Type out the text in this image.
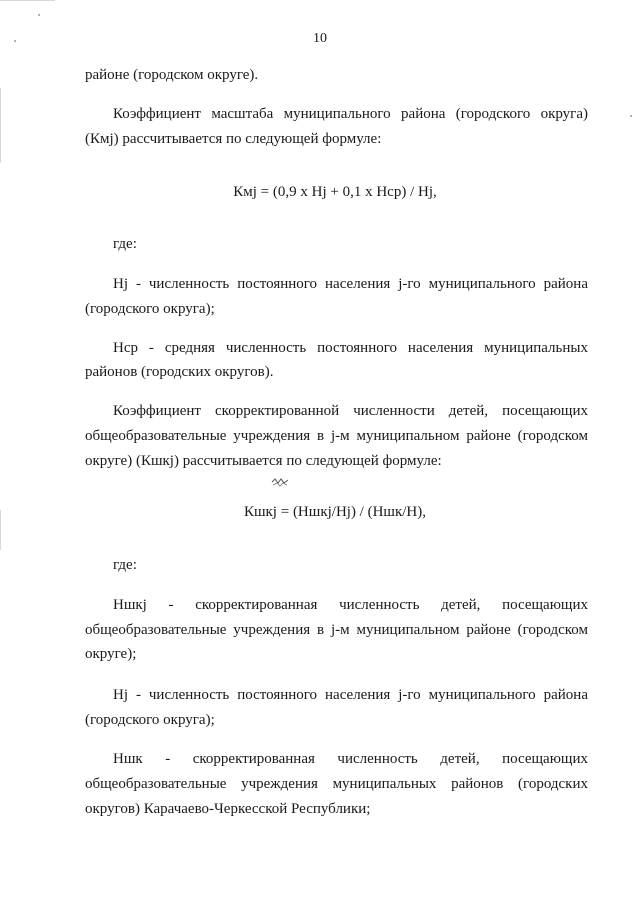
10
районе (городском округе).
Коэффициент масштаба муниципального района (городского округа)
(Кмj) рассчитывается по следующей формуле:
Кмj = (0,9 х Нj + 0,1 х Нср) / Нj,
где:
Нj - численность постоянного населения j-го муниципального района
(городского округа);
Нср - средняя численность постоянного населения муниципальных
районов (городских округов).
Коэффициент скорректированной численности детей, посещающих
общеобразовательные учреждения в j-м муниципальном районе (городском
округе) (Кшкj) рассчитывается по следующей формуле:
Кшкj = (Ншкj/Нj) / (Ншк/Н),
где:
Ншкj - скорректированная численность детей, посещающих
общеобразовательные учреждения в j-м муниципальном районе (городском
округе);
Нj - численность постоянного населения j-го муниципального района
(городского округа);
Ншк - скорректированная численность детей, посещающих
общеобразовательные учреждения муниципальных районов (городских
округов) Карачаево-Черкесской Республики;
